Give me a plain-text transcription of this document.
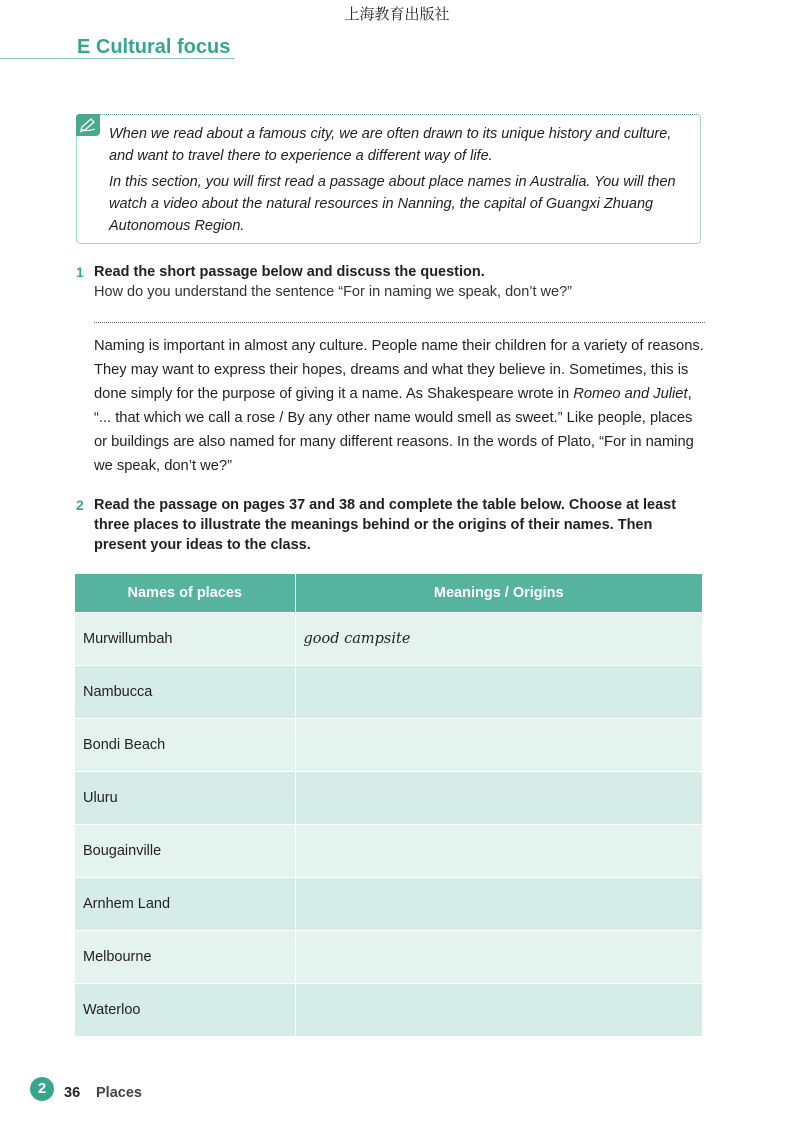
上海教育出版社
E Cultural focus

When we read about a famous city, we are often drawn to its unique history and culture, and want to travel there to experience a different way of life.

In this section, you will first read a passage about place names in Australia. You will then watch a video about the natural resources in Nanning, the capital of Guangxi Zhuang Autonomous Region.

1 Read the short passage below and discuss the question.
How do you understand the sentence “For in naming we speak, don’t we?”

Naming is important in almost any culture. People name their children for a variety of reasons. They may want to express their hopes, dreams and what they believe in. Sometimes, this is done simply for the purpose of giving it a name. As Shakespeare wrote in Romeo and Juliet, “... that which we call a rose / By any other name would smell as sweet.” Like people, places or buildings are also named for many different reasons. In the words of Plato, “For in naming we speak, don’t we?”

2 Read the passage on pages 37 and 38 and complete the table below. Choose at least three places to illustrate the meanings behind or the origins of their names. Then present your ideas to the class.
Names of places	Meanings / Origins
Murwillumbah	good campsite
Nambucca	
Bondi Beach	
Uluru	
Bougainville	
Arnhem Land	
Melbourne	
Waterloo	
2	36 Places
